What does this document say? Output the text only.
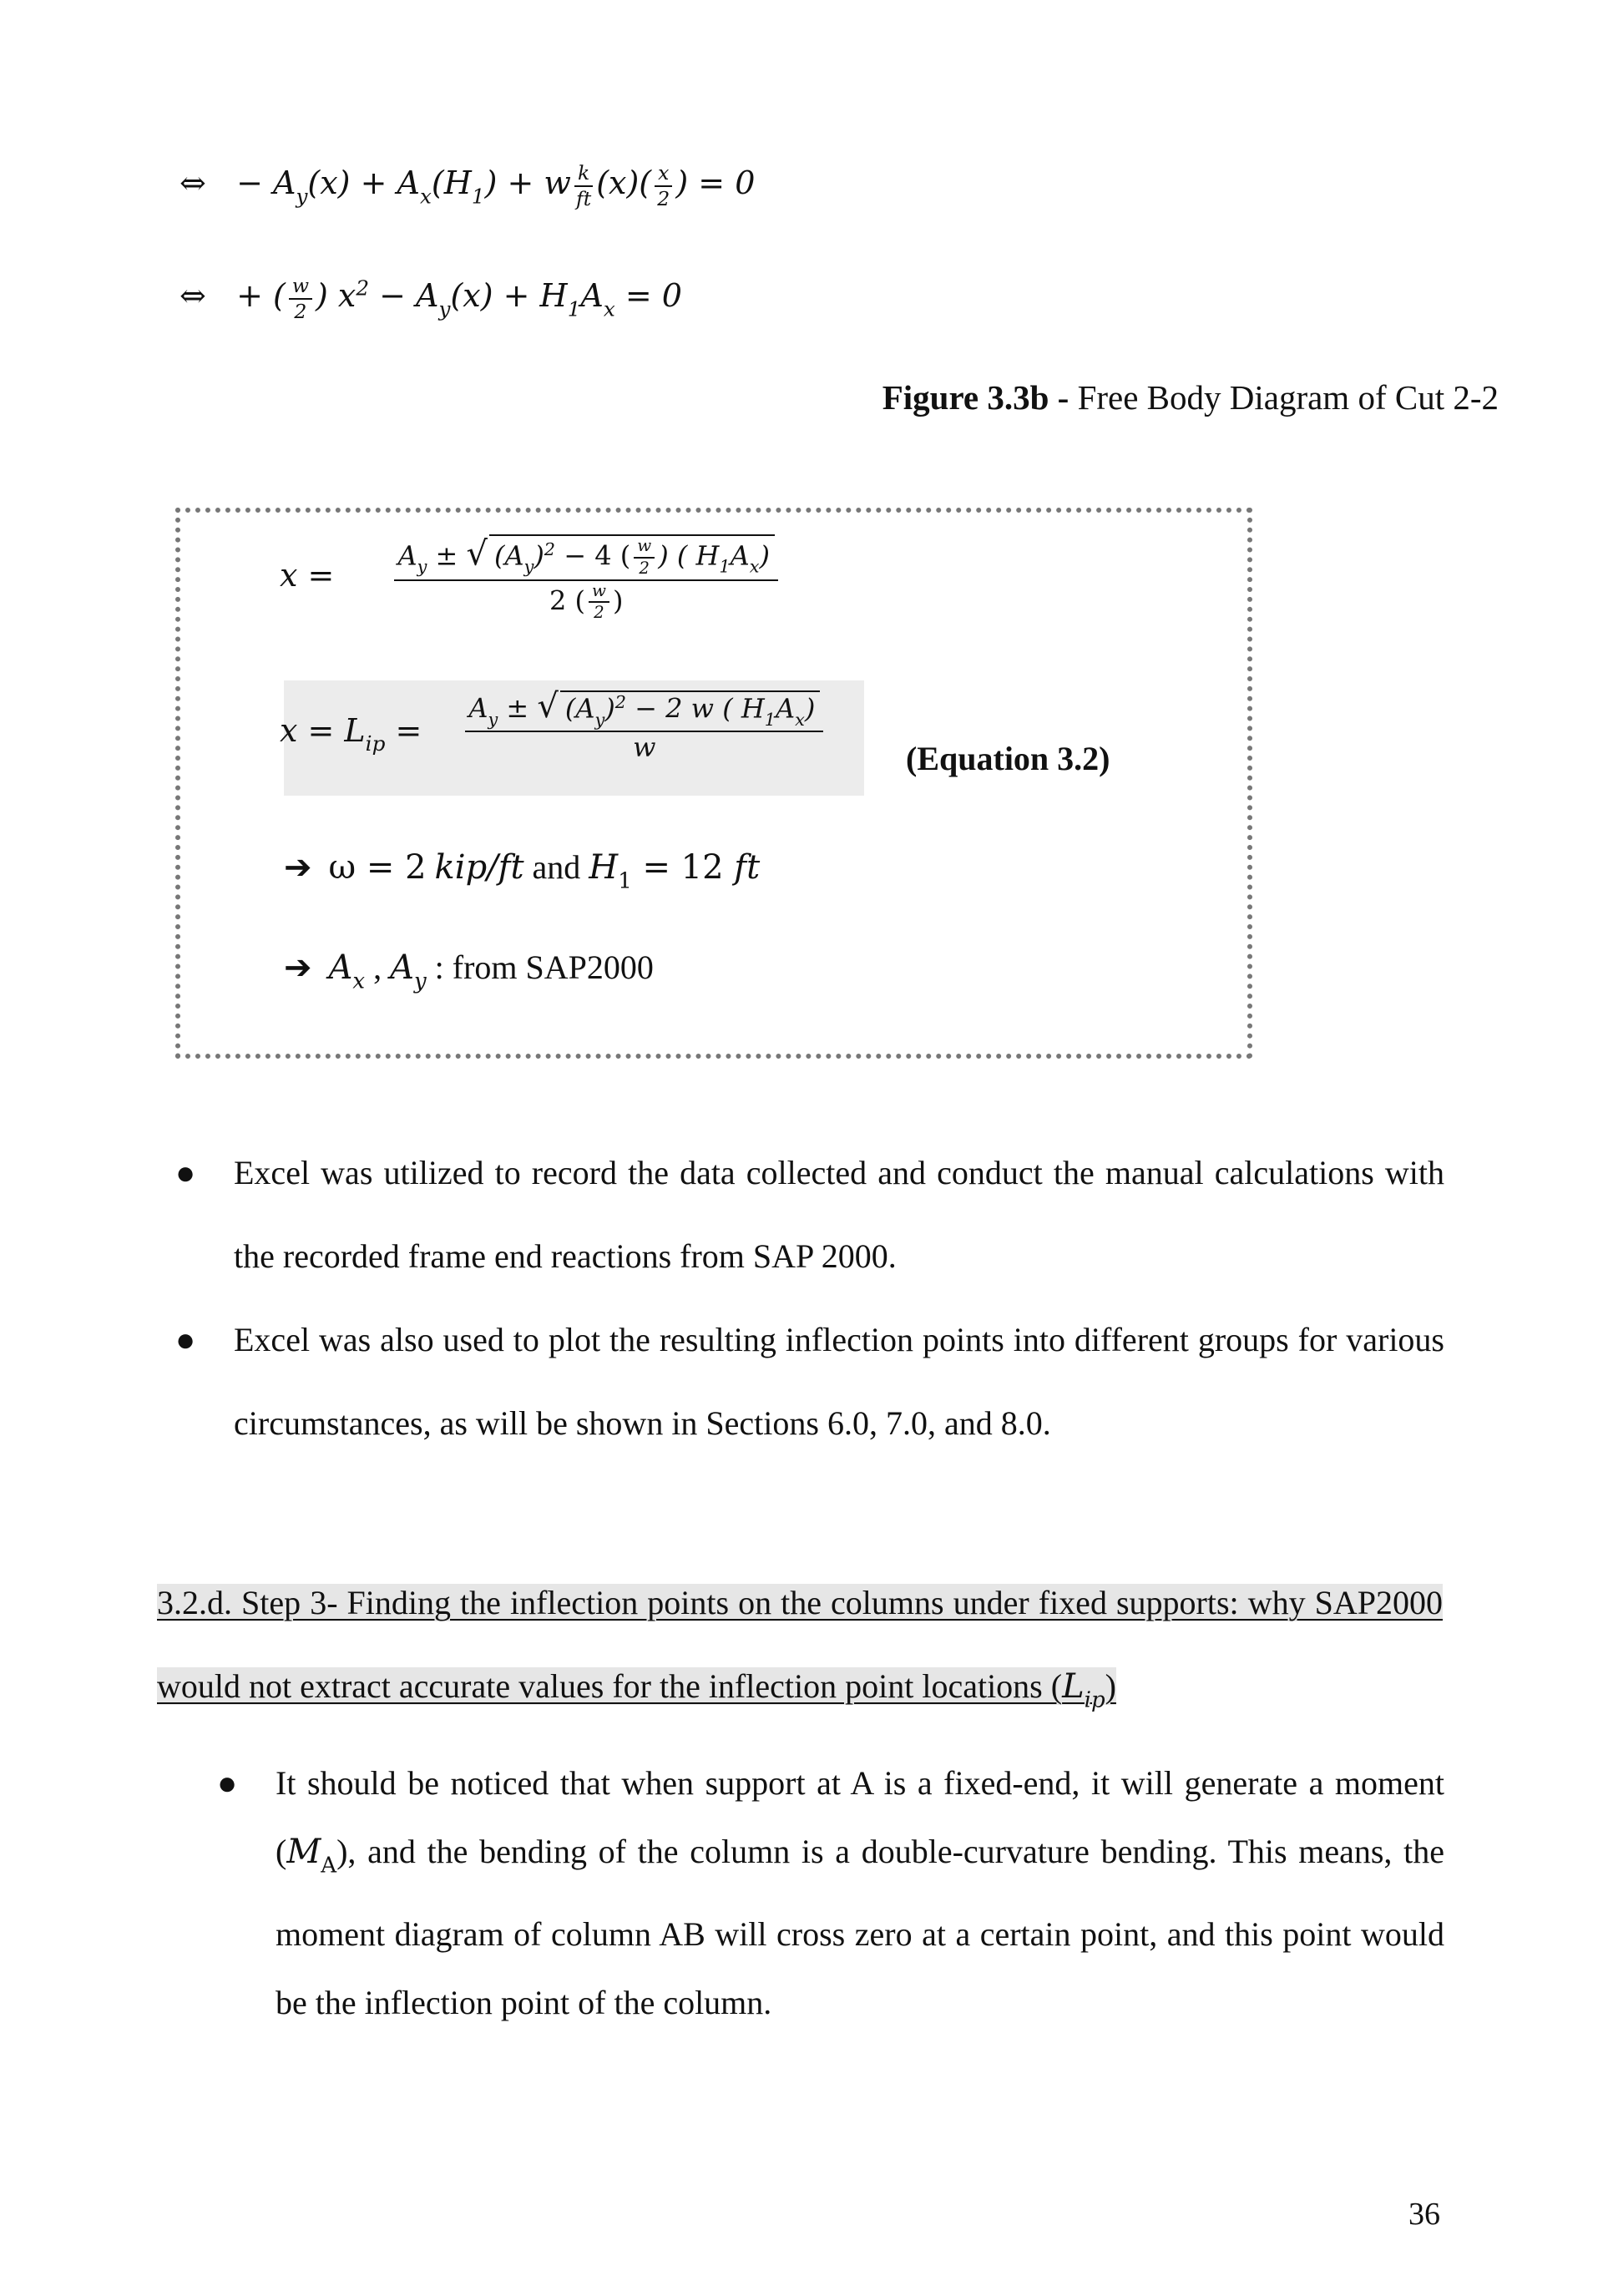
⇔ − $A_y(x) + A_x(H_1) + w \frac{k}{ft} (x)( \frac{x}{2}$ ) = 0
⇔ + ( $\frac{w}{2}$ ) $x^2 - A_y(x) + H_1A_x = 0$
Figure 3.3b - Free Body Diagram of Cut 2-2
$x = \frac{A_y \pm √ (A_y)^2 - 4 ( \frac{w}{2} ) ( H_1A_x)}{2 ( \frac{w}{2} )}$
$x = L_{ip} = \frac{A_y \pm √ (A_y)^2 - 2 w ( H_1A_x)}{w}$ (Equation 3.2)
➔ ω = 2 kip/ft and $H_1 = 12$ ft
➔ $A_x$ , $A_y$ : from SAP2000
● Excel was utilized to record the data collected and conduct the manual calculations with the recorded frame end reactions from SAP 2000.
● Excel was also used to plot the resulting inflection points into different groups for various circumstances, as will be shown in Sections 6.0, 7.0, and 8.0.
3.2.d. Step 3- Finding the inflection points on the columns under fixed supports: why SAP2000 would not extract accurate values for the inflection point locations $(L_{ip})$
● It should be noticed that when support at A is a fixed-end, it will generate a moment $(M_A)$, and the bending of the column is a double-curvature bending. This means, the moment diagram of column AB will cross zero at a certain point, and this point would be the inflection point of the column.
36
